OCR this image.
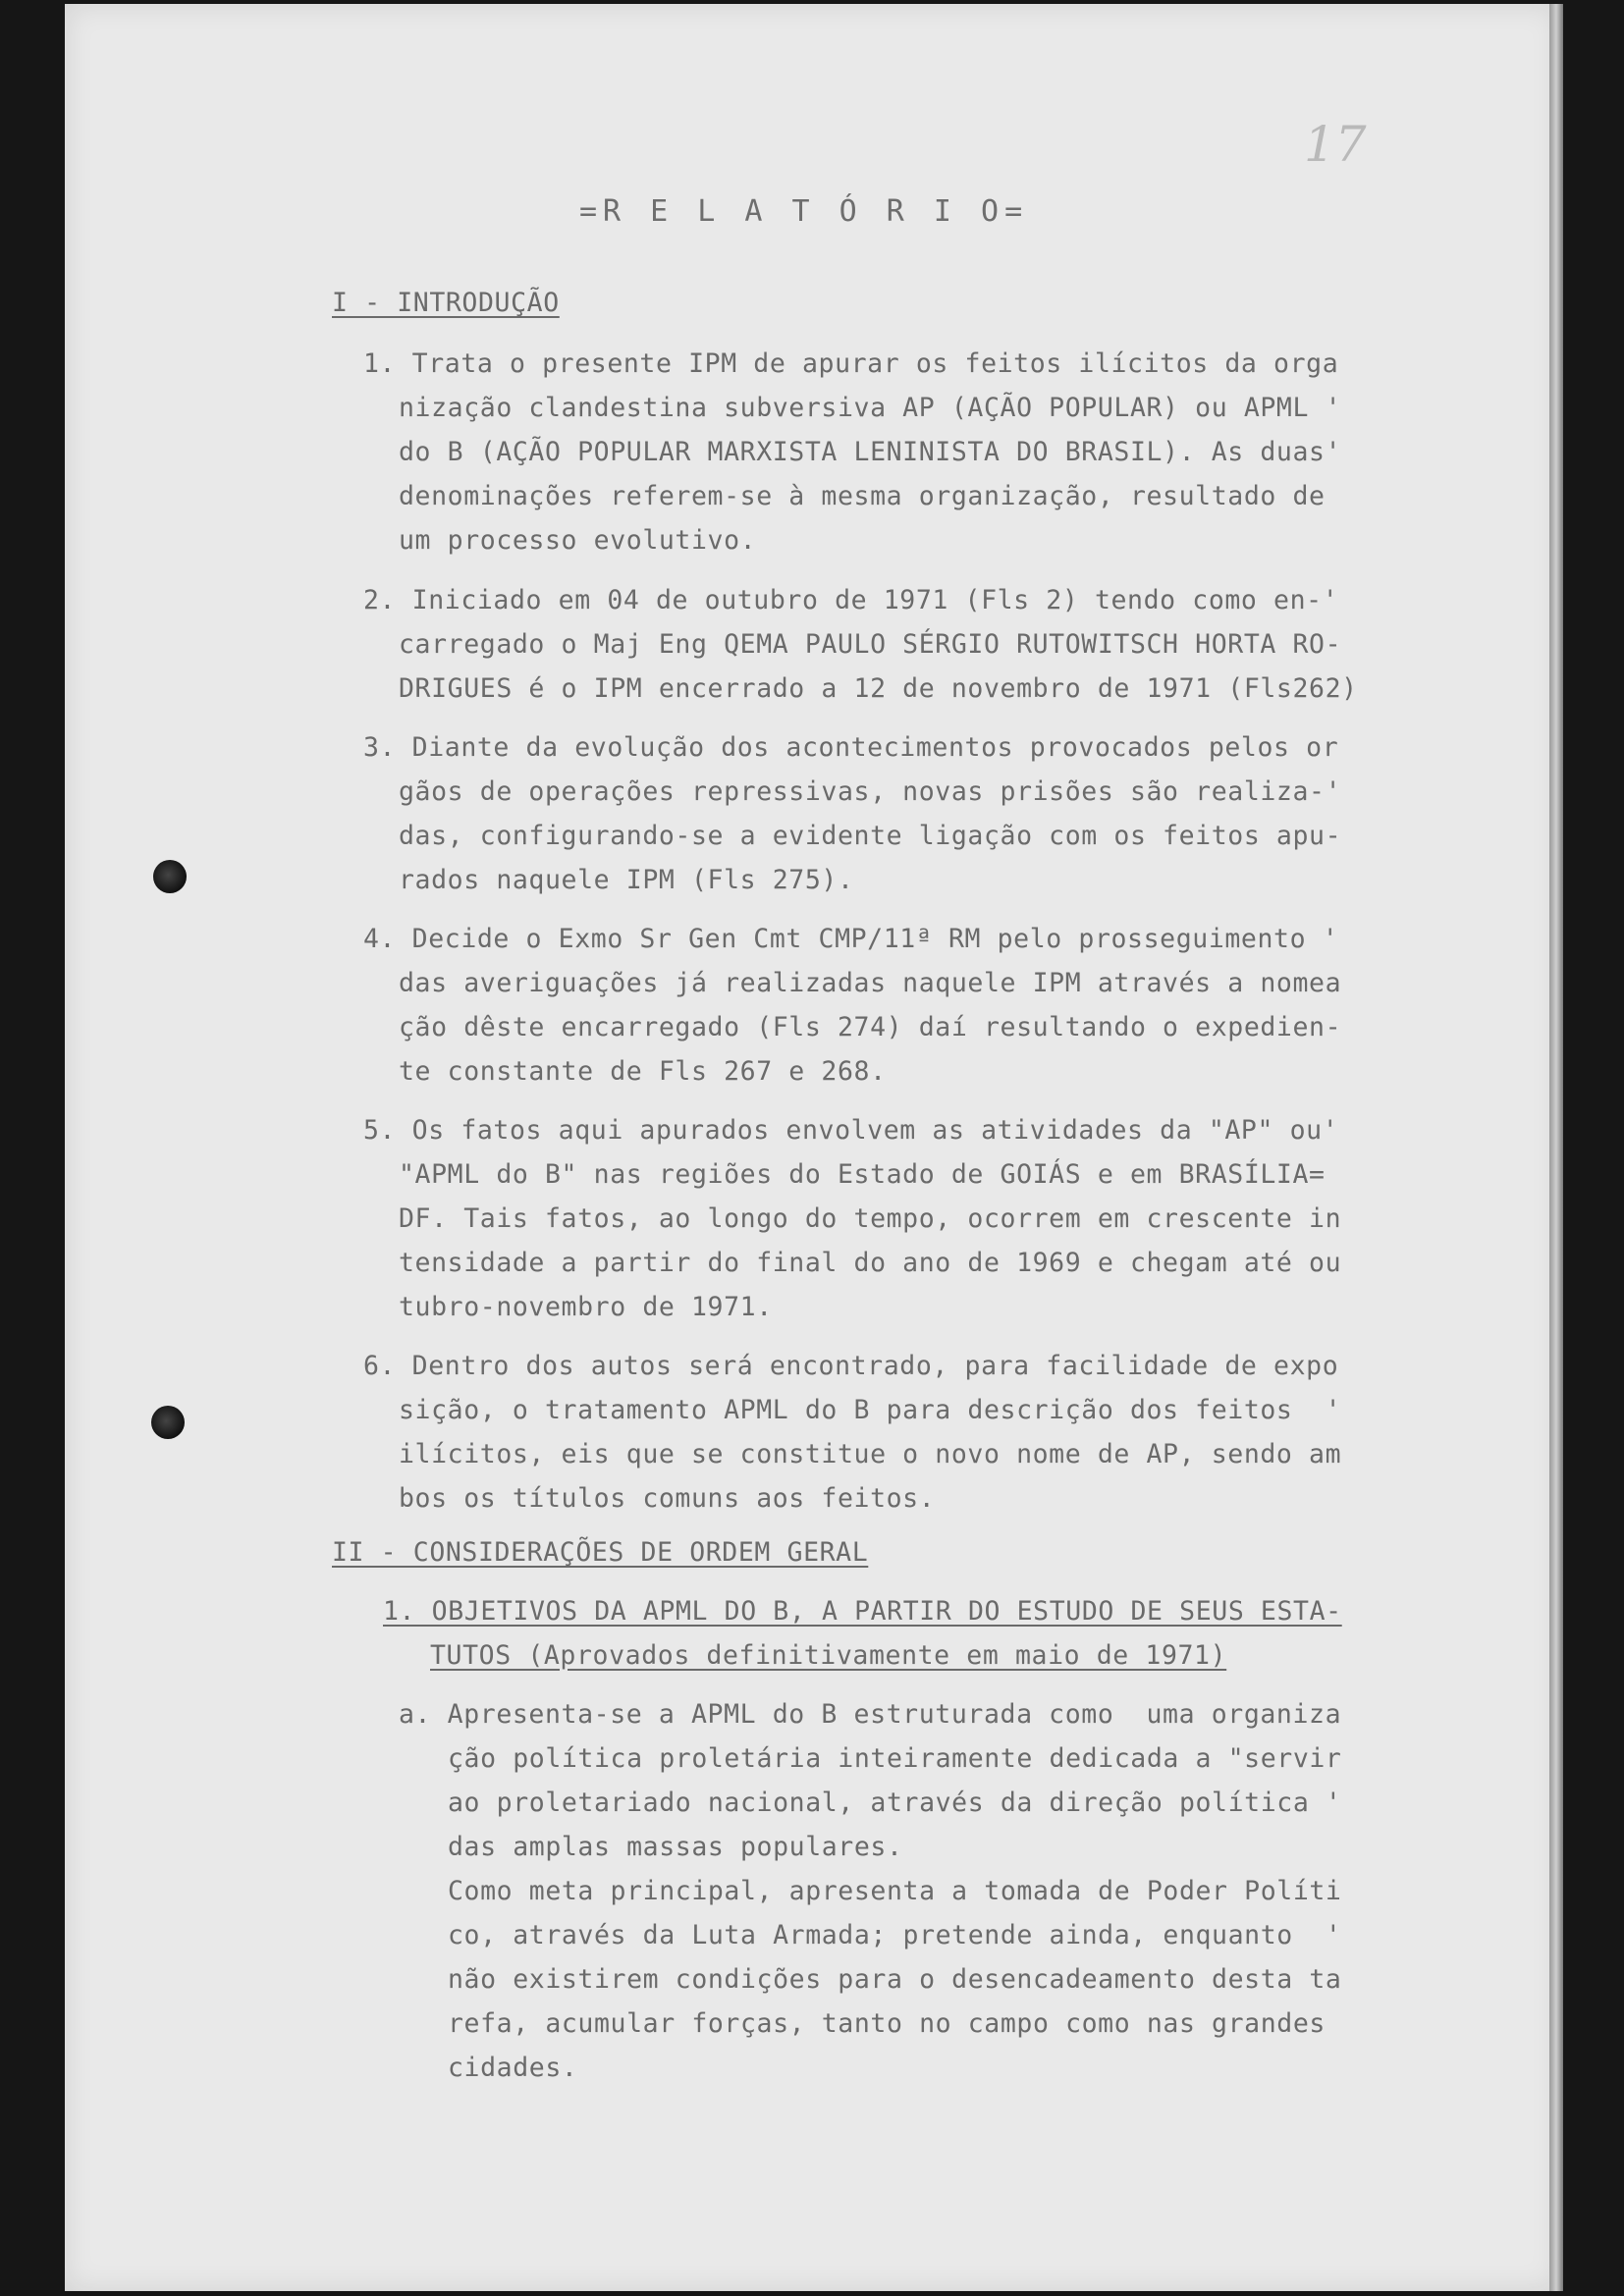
17
=R E L A T Ó R I O=
I - INTRODUÇÃO
1. Trata o presente IPM de apurar os feitos ilícitos da orga
nização clandestina subversiva AP (AÇÃO POPULAR) ou APML '
do B (AÇÃO POPULAR MARXISTA LENINISTA DO BRASIL). As duas'
denominações referem-se à mesma organização, resultado de
um processo evolutivo.
2. Iniciado em 04 de outubro de 1971 (Fls 2) tendo como en-'
carregado o Maj Eng QEMA PAULO SÉRGIO RUTOWITSCH HORTA RO-
DRIGUES é o IPM encerrado a 12 de novembro de 1971 (Fls262)
3. Diante da evolução dos acontecimentos provocados pelos or
gãos de operações repressivas, novas prisões são realiza-'
das, configurando-se a evidente ligação com os feitos apu-
rados naquele IPM (Fls 275).
4. Decide o Exmo Sr Gen Cmt CMP/11ª RM pelo prosseguimento '
das averiguações já realizadas naquele IPM através a nomea
ção dêste encarregado (Fls 274) daí resultando o expedien-
te constante de Fls 267 e 268.
5. Os fatos aqui apurados envolvem as atividades da "AP" ou'
"APML do B" nas regiões do Estado de GOIÁS e em BRASÍLIA=
DF. Tais fatos, ao longo do tempo, ocorrem em crescente in
tensidade a partir do final do ano de 1969 e chegam até ou
tubro-novembro de 1971.
6. Dentro dos autos será encontrado, para facilidade de expo
sição, o tratamento APML do B para descrição dos feitos  '
ilícitos, eis que se constitue o novo nome de AP, sendo am
bos os títulos comuns aos feitos.
II - CONSIDERAÇÕES DE ORDEM GERAL
1. OBJETIVOS DA APML DO B, A PARTIR DO ESTUDO DE SEUS ESTA-
TUTOS (Aprovados definitivamente em maio de 1971)
a. Apresenta-se a APML do B estruturada como  uma organiza
ção política proletária inteiramente dedicada a "servir
ao proletariado nacional, através da direção política '
das amplas massas populares.
Como meta principal, apresenta a tomada de Poder Políti
co, através da Luta Armada; pretende ainda, enquanto  '
não existirem condições para o desencadeamento desta ta
refa, acumular forças, tanto no campo como nas grandes
cidades.
